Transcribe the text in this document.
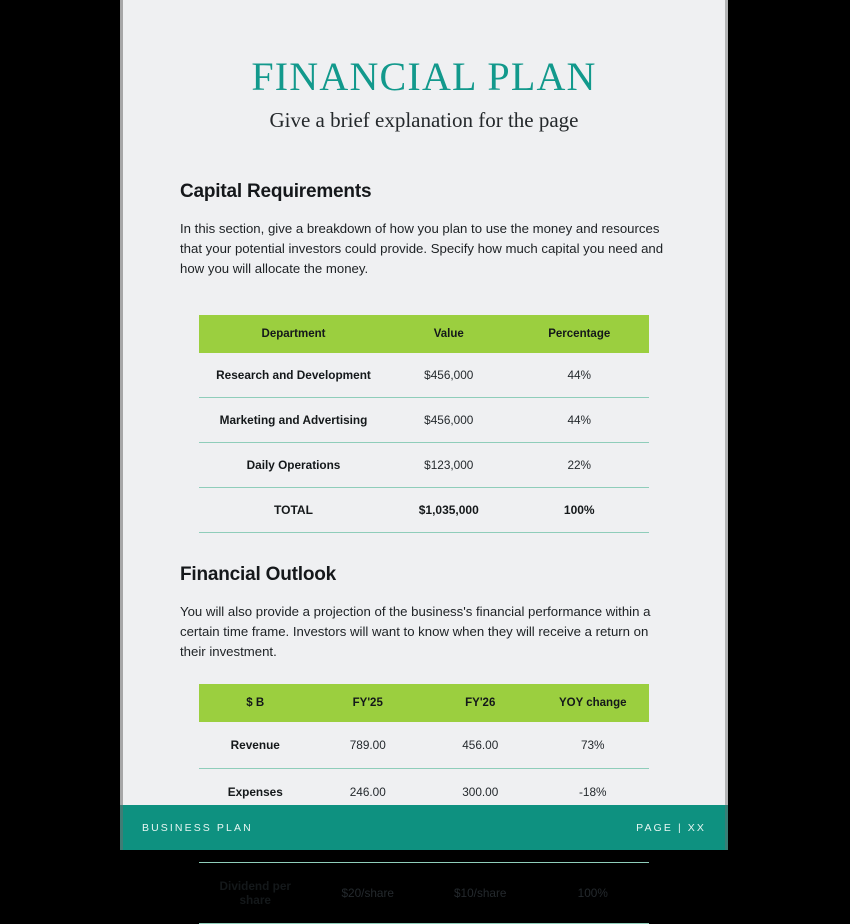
FINANCIAL PLAN

Give a brief explanation for the page

Capital Requirements

In this section, give a breakdown of how you plan to use the money and resources that your potential investors could provide. Specify how much capital you need and how you will allocate the money.

Department	Value	Percentage
Research and Development	$456,000	44%
Marketing and Advertising	$456,000	44%
Daily Operations	$123,000	22%
TOTAL	$1,035,000	100%
Financial Outlook

You will also provide a projection of the business's financial performance within a certain time frame. Investors will want to know when they will receive a return on their investment.

$ B	FY'25	FY'26	YOY change
Revenue	789.00	456.00	73%
Expenses	246.00	300.00	-18%

Dividend per share	$20/share	$10/share	100%
BUSINESS PLAN	PAGE | XX
